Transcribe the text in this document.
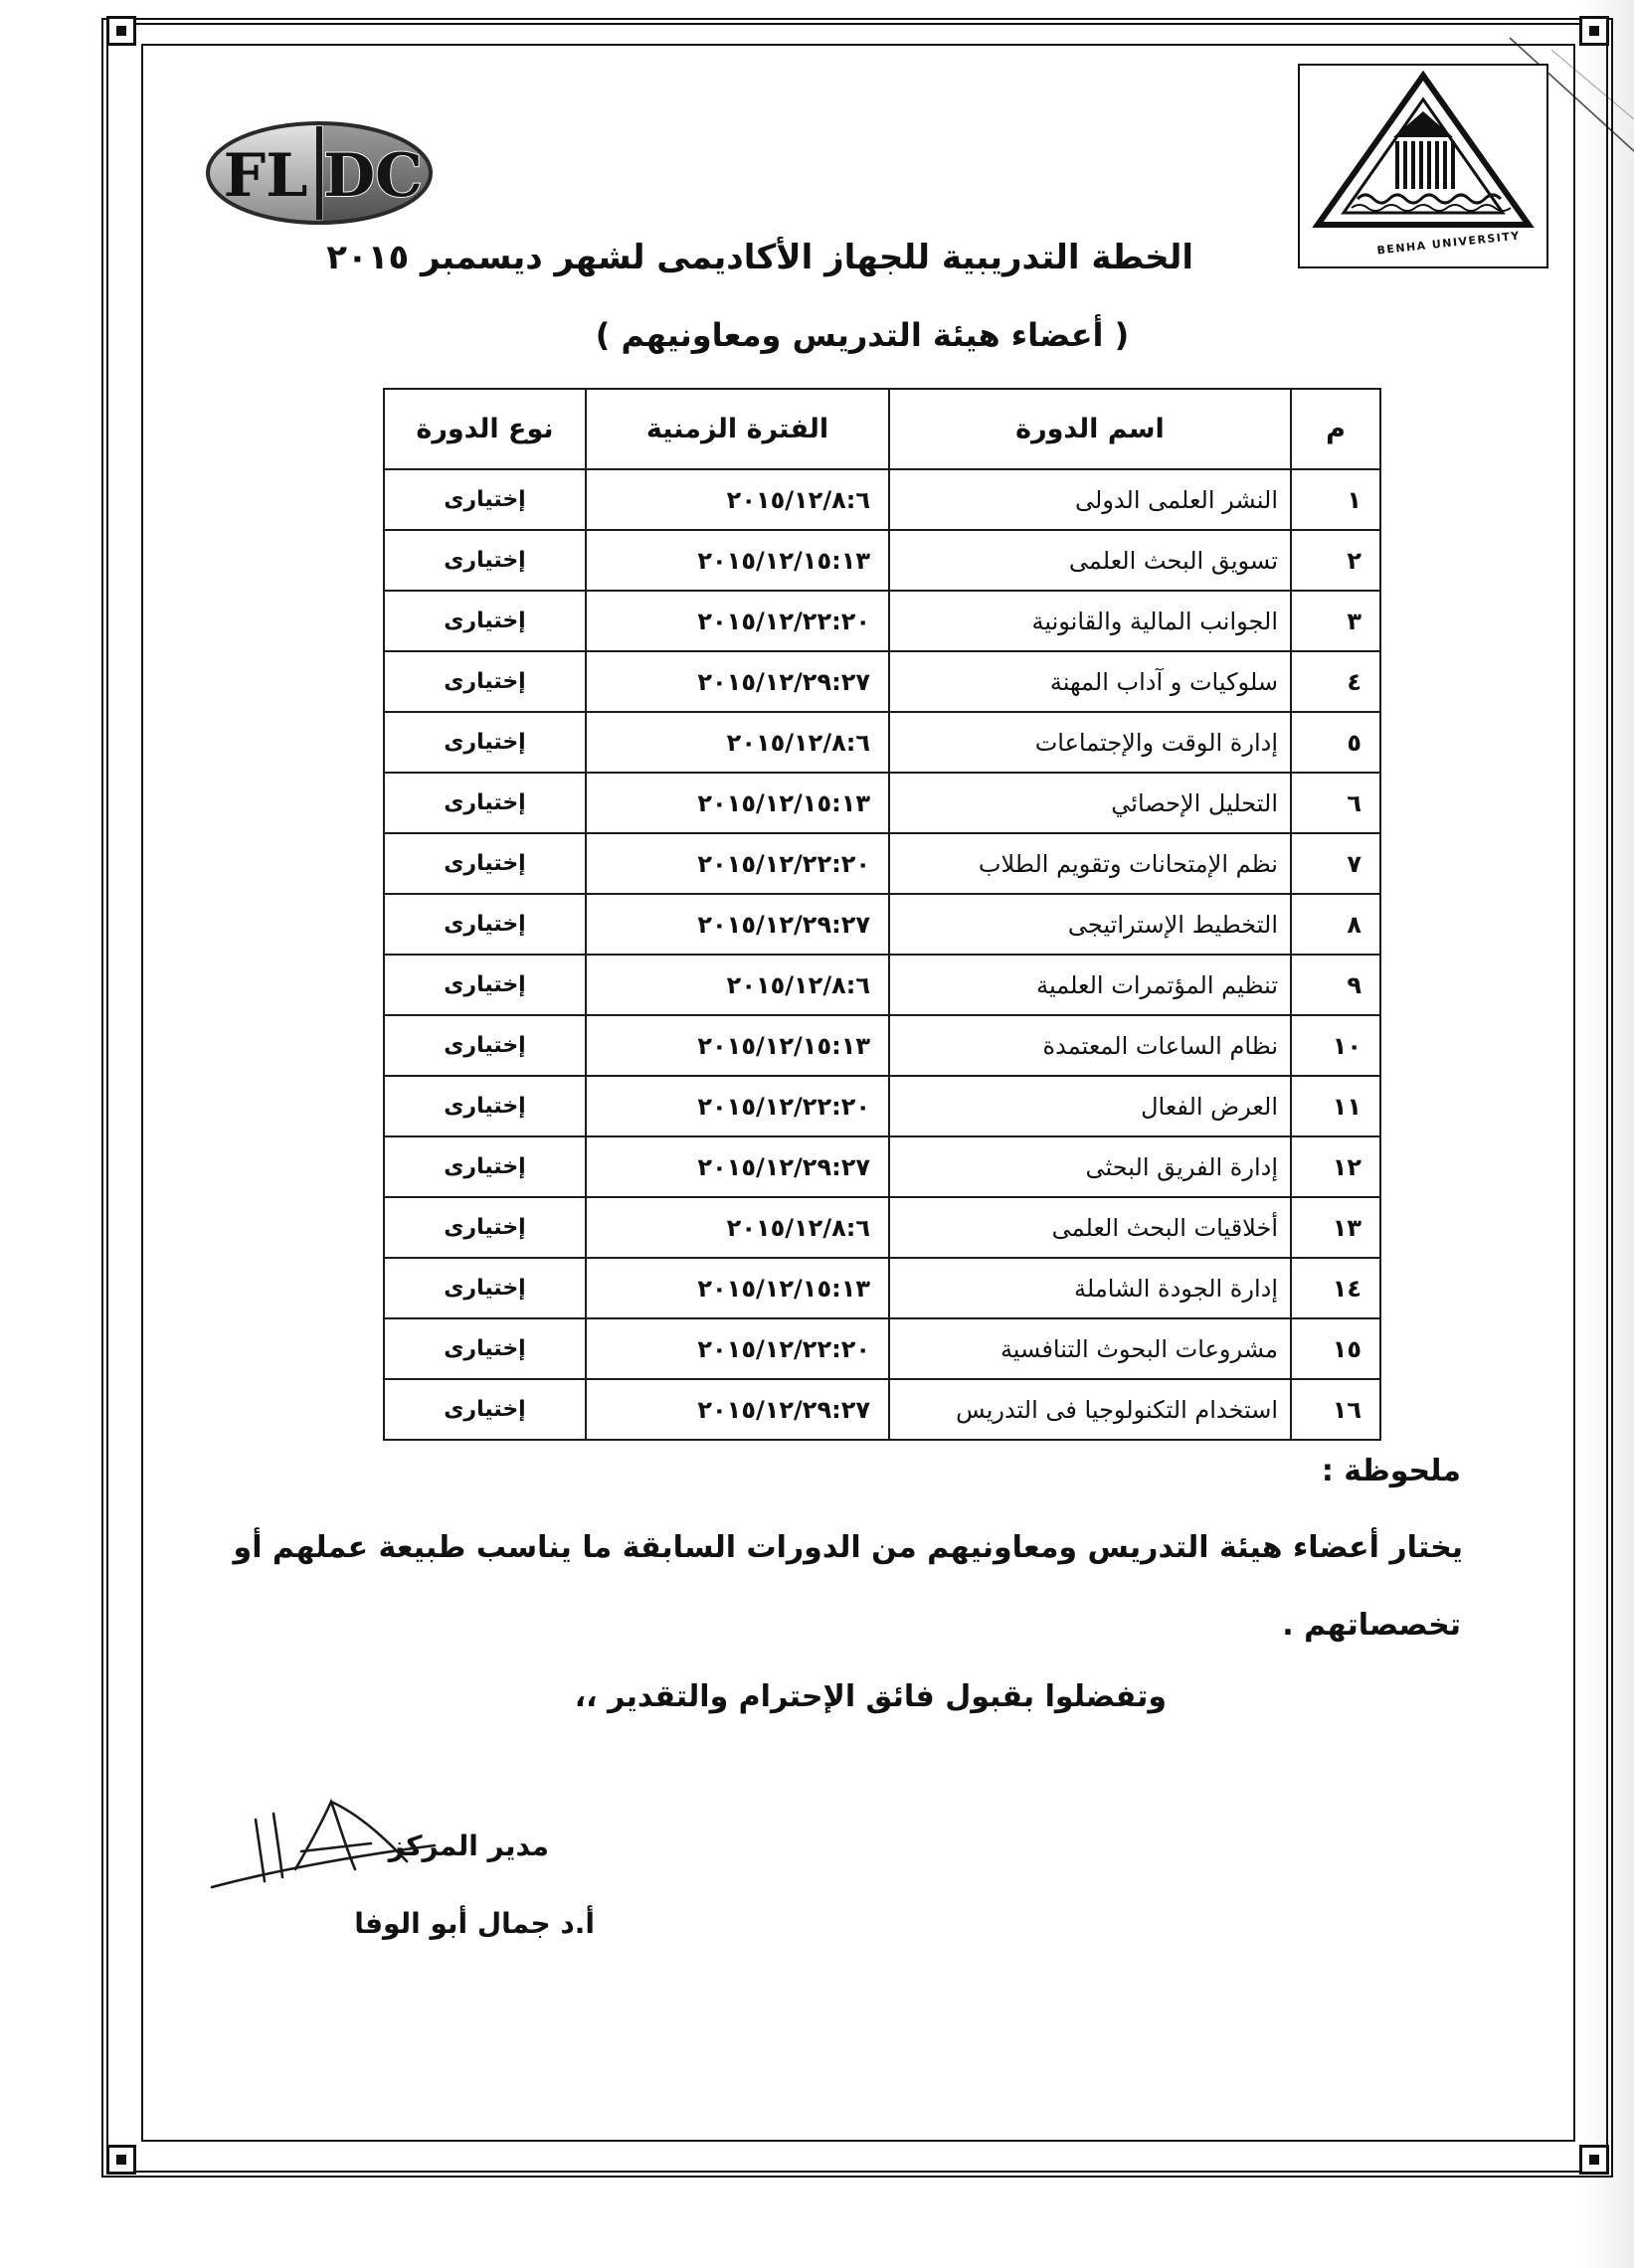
FL DC
BENHA UNIVERSITY
الخطة التدريبية للجهاز الأكاديمى لشهر ديسمبر ٢٠١٥
( أعضاء هيئة التدريس ومعاونيهم )
م	اسم الدورة	الفترة الزمنية	نوع الدورة
١	النشر العلمى الدولى	٢٠١٥/١٢/٨:٦	إختيارى
٢	تسويق البحث العلمى	٢٠١٥/١٢/١٥:١٣	إختيارى
٣	الجوانب المالية والقانونية	٢٠١٥/١٢/٢٢:٢٠	إختيارى
٤	سلوكيات و آداب المهنة	٢٠١٥/١٢/٢٩:٢٧	إختيارى
٥	إدارة الوقت والإجتماعات	٢٠١٥/١٢/٨:٦	إختيارى
٦	التحليل الإحصائي	٢٠١٥/١٢/١٥:١٣	إختيارى
٧	نظم الإمتحانات وتقويم الطلاب	٢٠١٥/١٢/٢٢:٢٠	إختيارى
٨	التخطيط الإستراتيجى	٢٠١٥/١٢/٢٩:٢٧	إختيارى
٩	تنظيم المؤتمرات العلمية	٢٠١٥/١٢/٨:٦	إختيارى
١٠	نظام الساعات المعتمدة	٢٠١٥/١٢/١٥:١٣	إختيارى
١١	العرض الفعال	٢٠١٥/١٢/٢٢:٢٠	إختيارى
١٢	إدارة الفريق البحثى	٢٠١٥/١٢/٢٩:٢٧	إختيارى
١٣	أخلاقيات البحث العلمى	٢٠١٥/١٢/٨:٦	إختيارى
١٤	إدارة الجودة الشاملة	٢٠١٥/١٢/١٥:١٣	إختيارى
١٥	مشروعات البحوث التنافسية	٢٠١٥/١٢/٢٢:٢٠	إختيارى
١٦	استخدام التكنولوجيا فى التدريس	٢٠١٥/١٢/٢٩:٢٧	إختيارى
ملحوظة :
يختار أعضاء هيئة التدريس ومعاونيهم من الدورات السابقة ما يناسب طبيعة عملهم أو
تخصصاتهم .
وتفضلوا بقبول فائق الإحترام والتقدير ،،
مدير المركز
أ.د جمال أبو الوفا
